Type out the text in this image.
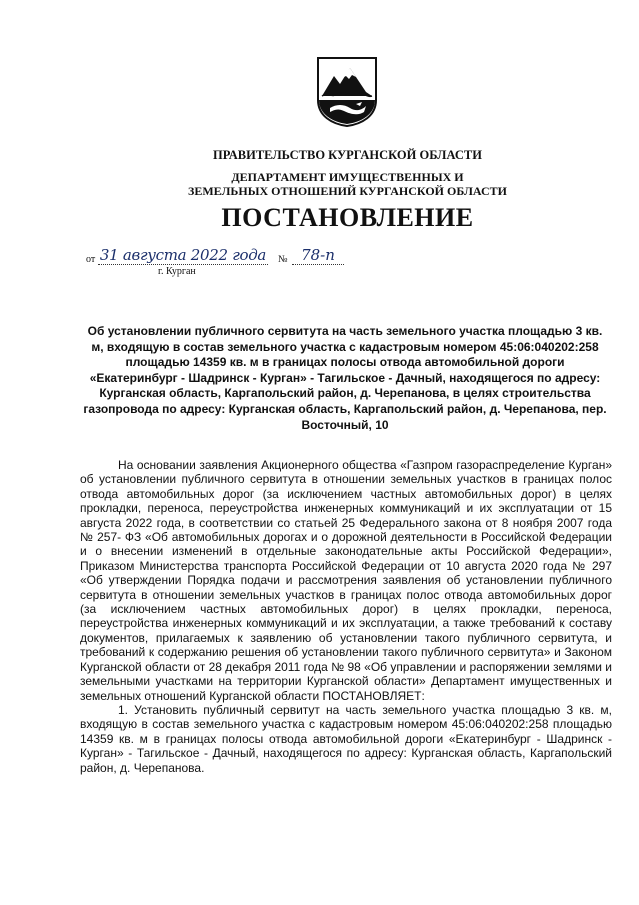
ПРАВИТЕЛЬСТВО КУРГАНСКОЙ ОБЛАСТИ
ДЕПАРТАМЕНТ ИМУЩЕСТВЕННЫХ И
ЗЕМЕЛЬНЫХ ОТНОШЕНИЙ КУРГАНСКОЙ ОБЛАСТИ
ПОСТАНОВЛЕНИЕ
от 31 августа 2022 года № 78-п
г. Курган
Об установлении публичного сервитута на часть земельного участка площадью 3 кв. м, входящую в состав земельного участка с кадастровым номером 45:06:040202:258 площадью 14359 кв. м в границах полосы отвода автомобильной дороги «Екатеринбург - Шадринск - Курган» - Тагильское - Дачный, находящегося по адресу: Курганская область, Каргапольский район, д. Черепанова, в целях строительства газопровода по адресу: Курганская область, Каргапольский район, д. Черепанова, пер. Восточный, 10

На основании заявления Акционерного общества «Газпром газораспределение Курган» об установлении публичного сервитута в отношении земельных участков в границах полос отвода автомобильных дорог (за исключением частных автомобильных дорог) в целях прокладки, переноса, переустройства инженерных коммуникаций и их эксплуатации от 15 августа 2022 года, в соответствии со статьей 25 Федерального закона от 8 ноября 2007 года № 257- ФЗ «Об автомобильных дорогах и о дорожной деятельности в Российской Федерации и о внесении изменений в отдельные законодательные акты Российской Федерации», Приказом Министерства транспорта Российской Федерации от 10 августа 2020 года № 297 «Об утверждении Порядка подачи и рассмотрения заявления об установлении публичного сервитута в отношении земельных участков в границах полос отвода автомобильных дорог (за исключением частных автомобильных дорог) в целях прокладки, переноса, переустройства инженерных коммуникаций и их эксплуатации, а также требований к составу документов, прилагаемых к заявлению об установлении такого публичного сервитута, и требований к содержанию решения об установлении такого публичного сервитута» и Законом Курганской области от 28 декабря 2011 года № 98 «Об управлении и распоряжении землями и земельными участками на территории Курганской области» Департамент имущественных и земельных отношений Курганской области ПОСТАНОВЛЯЕТ:

1. Установить публичный сервитут на часть земельного участка площадью 3 кв. м, входящую в состав земельного участка с кадастровым номером 45:06:040202:258 площадью 14359 кв. м в границах полосы отвода автомобильной дороги «Екатеринбург - Шадринск - Курган» - Тагильское - Дачный, находящегося по адресу: Курганская область, Каргапольский район, д. Черепанова.
